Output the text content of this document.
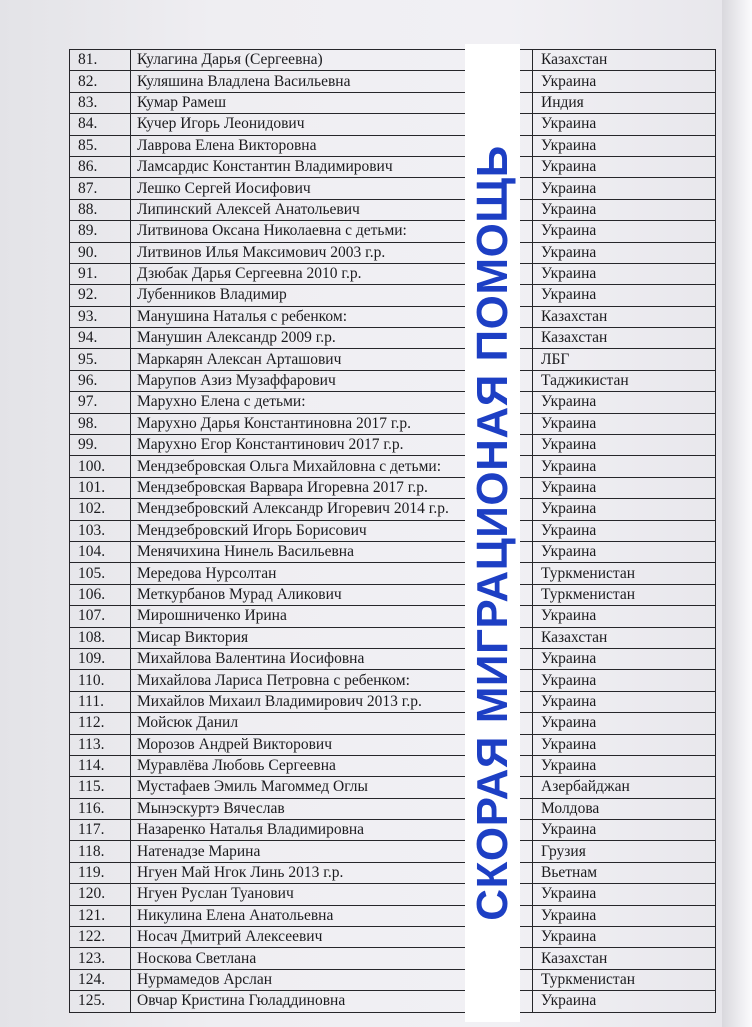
81.	Кулагина Дарья (Сергеевна)	Казахстан
82.	Куляшина Владлена Васильевна	Украина
83.	Кумар Рамеш	Индия
84.	Кучер Игорь Леонидович	Украина
85.	Лаврова Елена Викторовна	Украина
86.	Ламсардис Константин Владимирович	Украина
87.	Лешко Сергей Иосифович	Украина
88.	Липинский Алексей Анатольевич	Украина
89.	Литвинова Оксана Николаевна с детьми:	Украина
90.	Литвинов Илья Максимович 2003 г.р.	Украина
91.	Дзюбак Дарья Сергеевна 2010 г.р.	Украина
92.	Лубенников Владимир	Украина
93.	Манушина Наталья с ребенком:	Казахстан
94.	Манушин Александр 2009 г.р.	Казахстан
95.	Маркарян Алексан Арташович	ЛБГ
96.	Марупов Азиз Музаффарович	Таджикистан
97.	Марухно Елена с детьми:	Украина
98.	Марухно Дарья Константиновна 2017 г.р.	Украина
99.	Марухно Егор Константинович 2017 г.р.	Украина
100.	Мендзебровская Ольга Михайловна с детьми:	Украина
101.	Мендзебровская Варвара Игоревна 2017 г.р.	Украина
102.	Мендзебровский Александр Игоревич 2014 г.р.	Украина
103.	Мендзебровский Игорь Борисович	Украина
104.	Менячихина Нинель Васильевна	Украина
105.	Мередова Нурсолтан	Туркменистан
106.	Меткурбанов Мурад Аликович	Туркменистан
107.	Мирошниченко Ирина	Украина
108.	Мисар Виктория	Казахстан
109.	Михайлова Валентина Иосифовна	Украина
110.	Михайлова Лариса Петровна с ребенком:	Украина
111.	Михайлов Михаил Владимирович 2013 г.р.	Украина
112.	Мойсюк Данил	Украина
113.	Морозов Андрей Викторович	Украина
114.	Муравлёва Любовь Сергеевна	Украина
115.	Мустафаев Эмиль Магоммед Оглы	Азербайджан
116.	Мынэскуртэ Вячеслав	Молдова
117.	Назаренко Наталья Владимировна	Украина
118.	Натенадзе Марина	Грузия
119.	Нгуен Май Нгок Линь 2013 г.р.	Вьетнам
120.	Нгуен Руслан Туанович	Украина
121.	Никулина Елена Анатольевна	Украина
122.	Носач Дмитрий Алексеевич	Украина
123.	Носкова Светлана	Казахстан
124.	Нурмамедов Арслан	Туркменистан
125.	Овчар Кристина Гюладдиновна	Украина
СКОРАЯ МИГРАЦИОНАЯ ПОМОЩЬ
